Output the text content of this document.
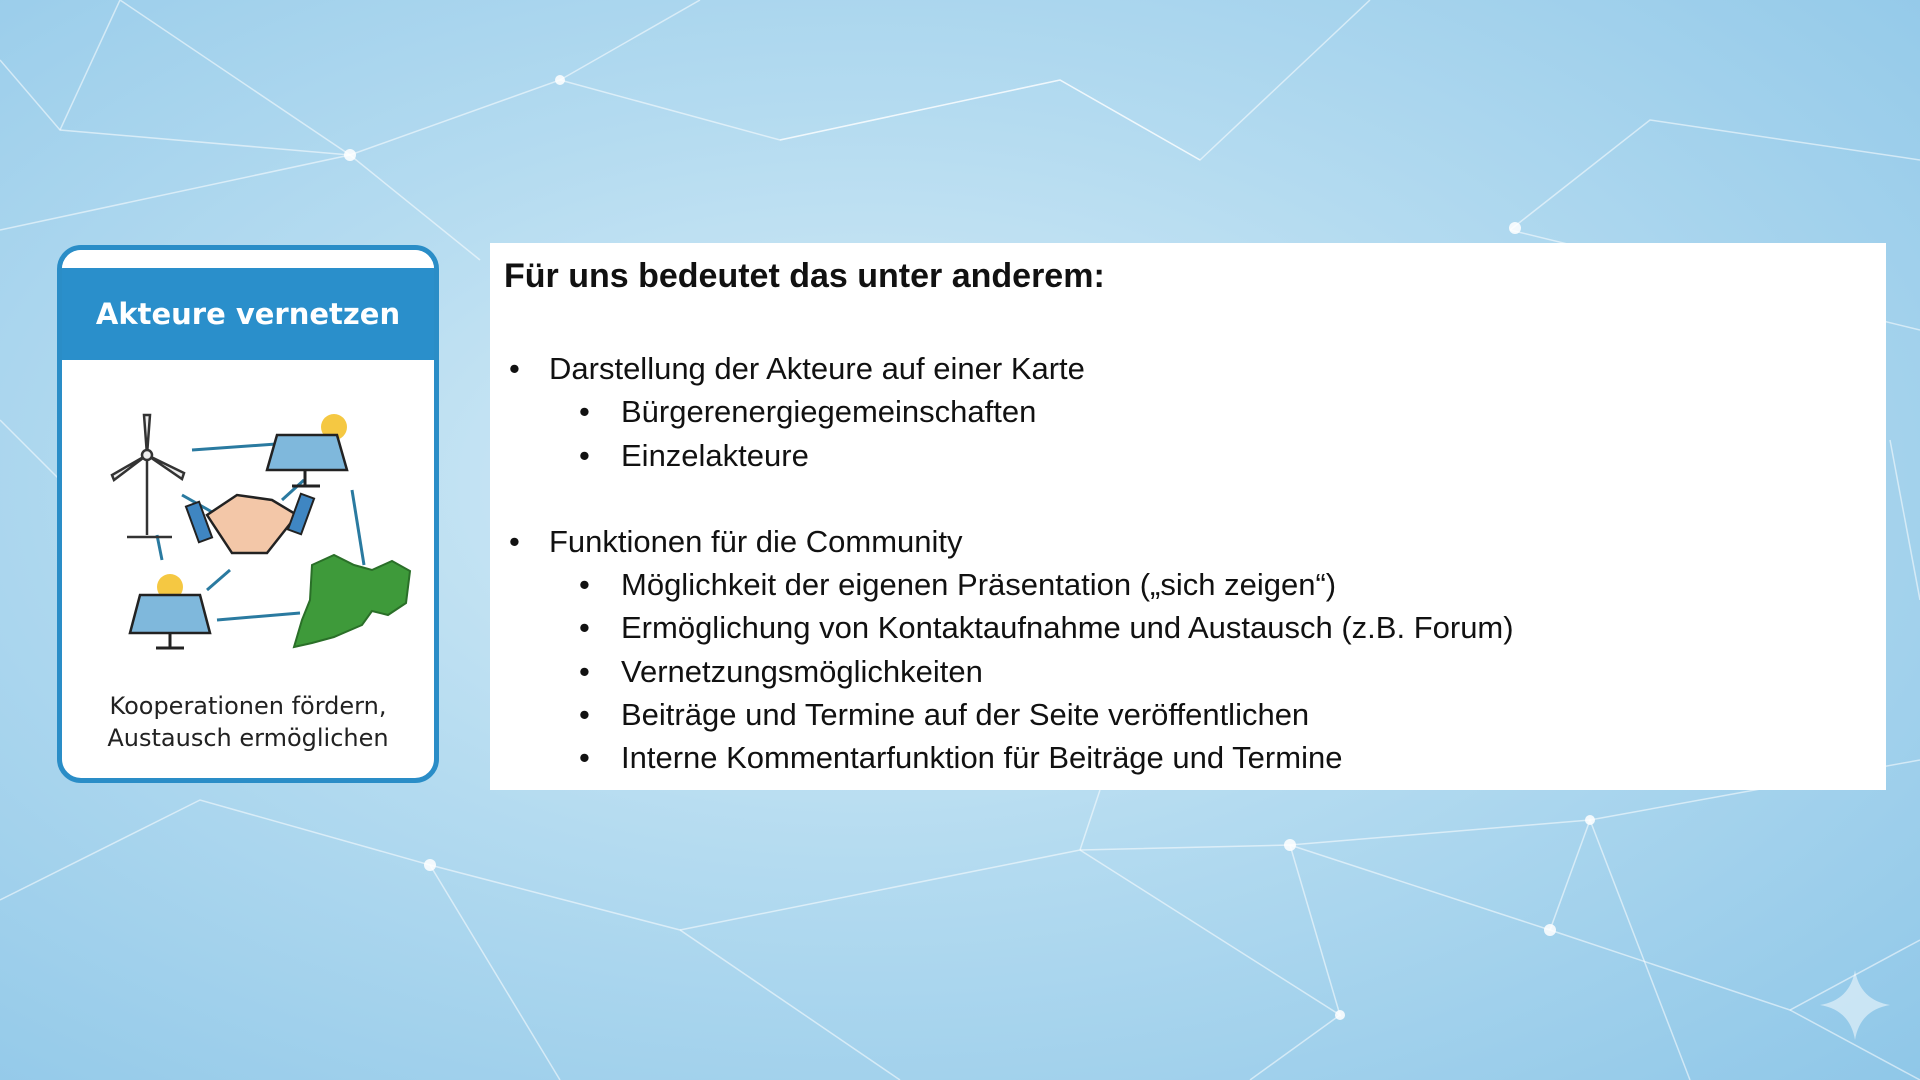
Akteure vernetzen
Kooperationen fördern,
Austausch ermöglichen
Für uns bedeutet das unter anderem:
• Darstellung der Akteure auf einer Karte
• Bürgerenergiegemeinschaften
• Einzelakteure
• Funktionen für die Community
• Möglichkeit der eigenen Präsentation („sich zeigen“)
• Ermöglichung von Kontaktaufnahme und Austausch (z.B. Forum)
• Vernetzungsmöglichkeiten
• Beiträge und Termine auf der Seite veröffentlichen
• Interne Kommentarfunktion für Beiträge und Termine
